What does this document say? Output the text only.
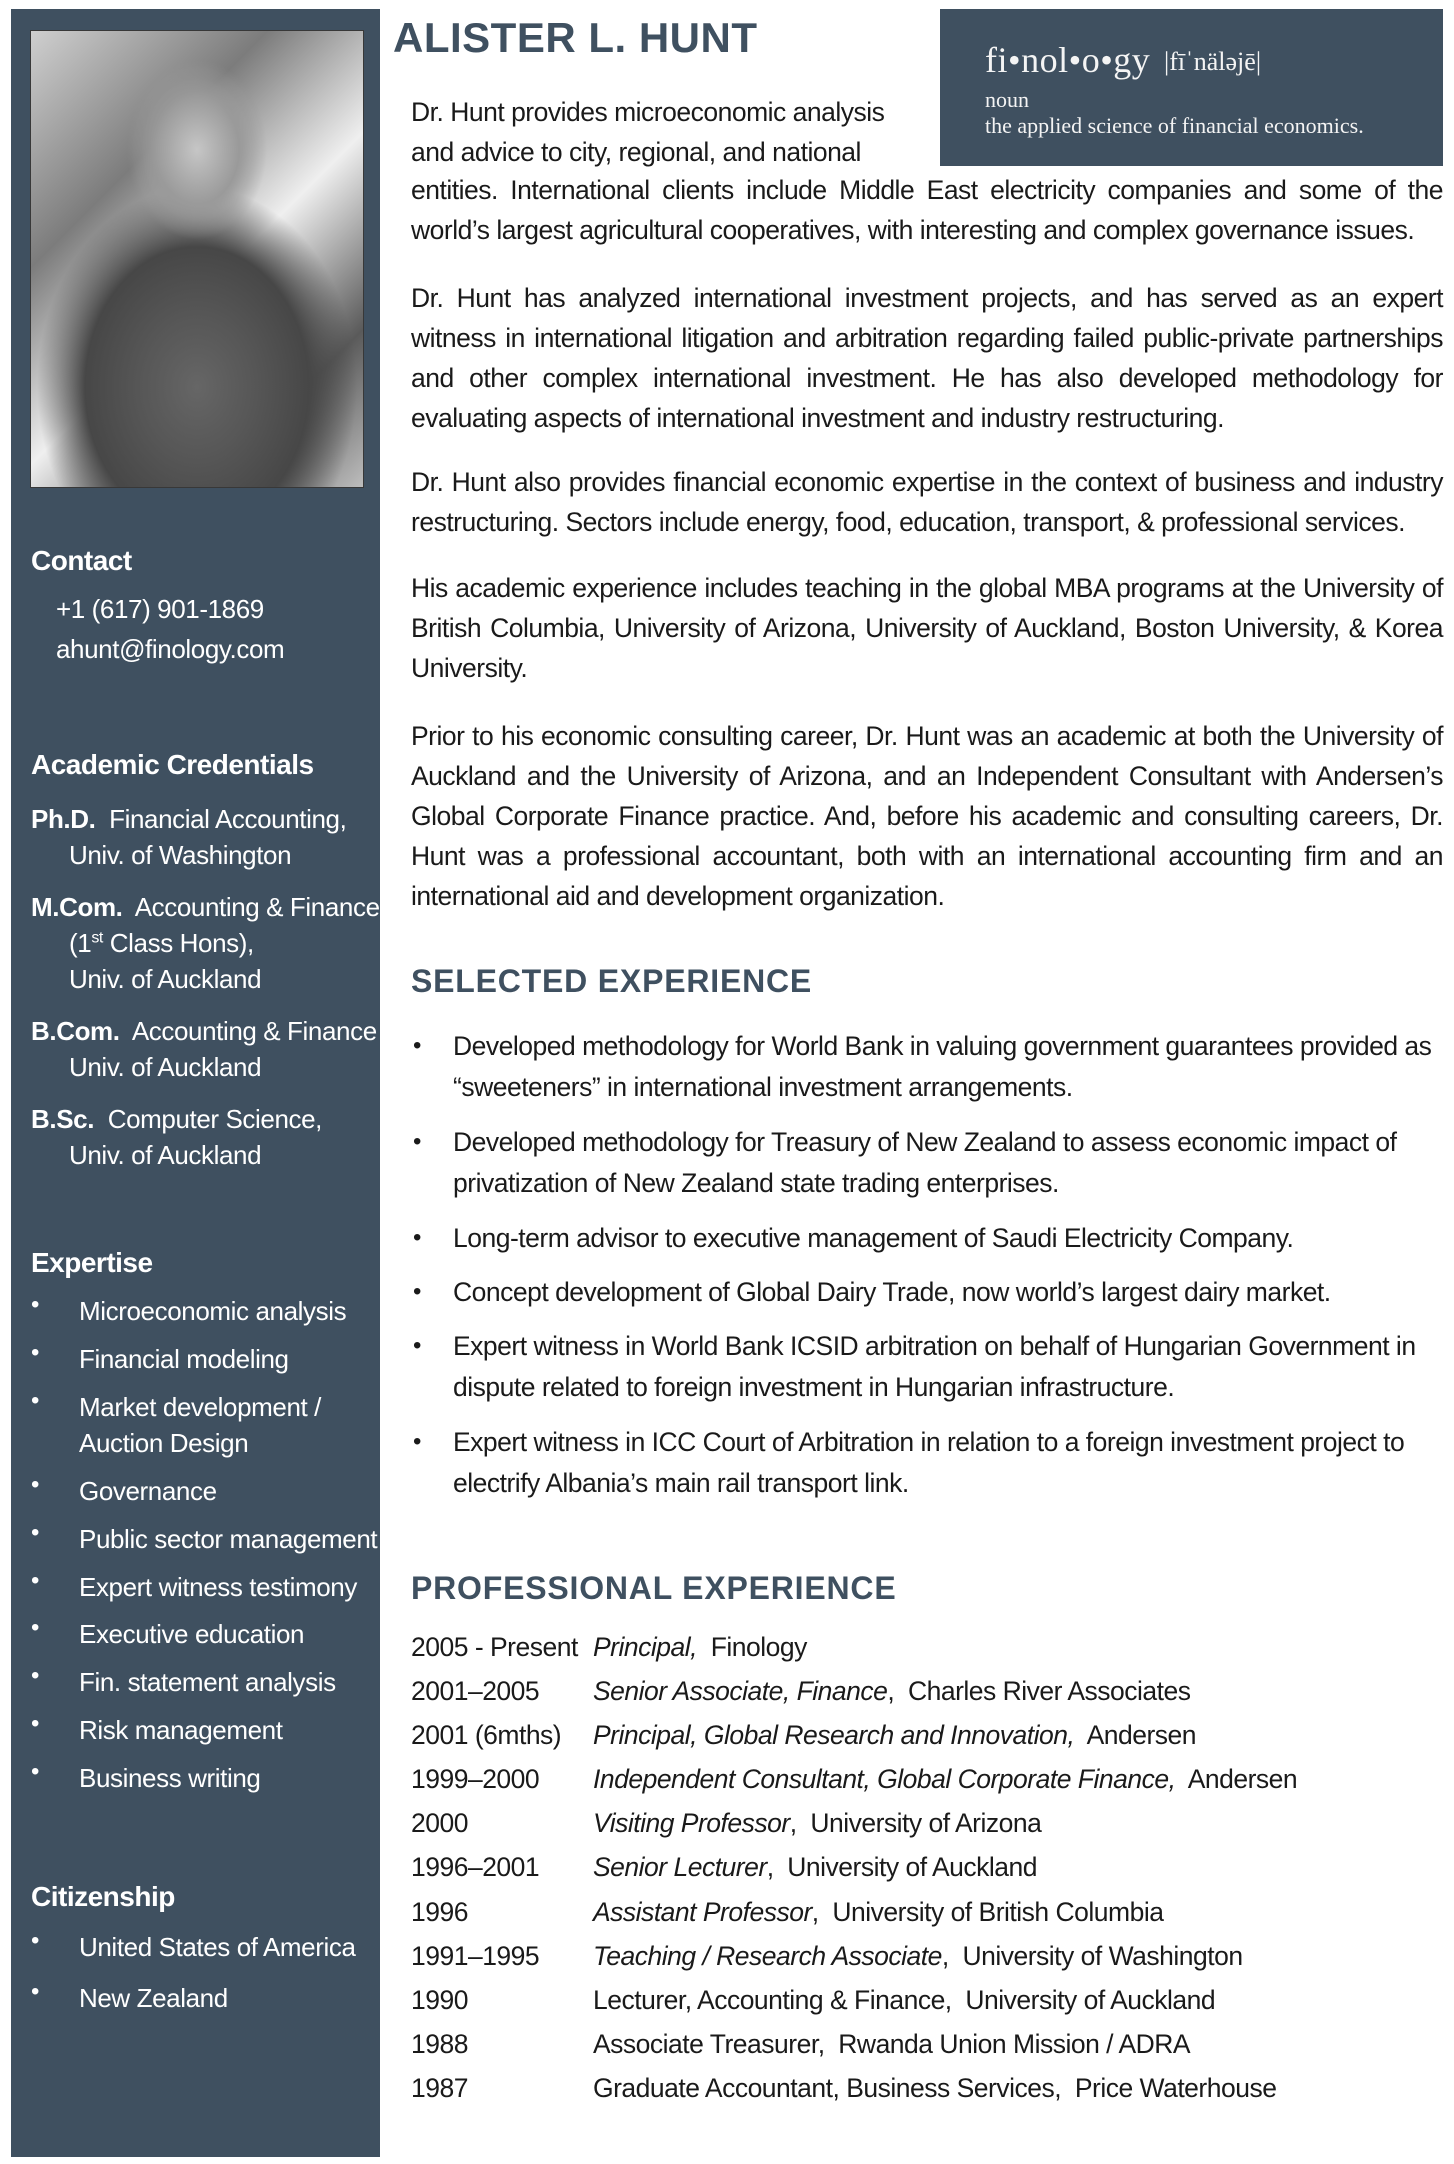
Contact
+1 (617) 901-1869
ahunt@finology.com
Academic Credentials
Ph.D. Financial Accounting,
Univ. of Washington
M.Com. Accounting & Finance
(1st Class Hons),
Univ. of Auckland
B.Com. Accounting & Finance
Univ. of Auckland
B.Sc. Computer Science,
Univ. of Auckland
Expertise
• Microeconomic analysis
• Financial modeling
• Market development /
Auction Design
• Governance
• Public sector management
• Expert witness testimony
• Executive education
• Fin. statement analysis
• Risk management
• Business writing
Citizenship
• United States of America
• New Zealand
ALISTER L. HUNT	fi•nol•o•gy |fīˈnäləjē|
noun
the applied science of financial economics.
Dr. Hunt provides microeconomic analysis
and advice to city, regional, and national
entities. International clients include Middle East electricity companies and some of the world’s largest agricultural cooperatives, with interesting and complex governance issues.
Dr. Hunt has analyzed international investment projects, and has served as an expert witness in international litigation and arbitration regarding failed public-private partnerships and other complex international investment. He has also developed methodology for evaluating aspects of international investment and industry restructuring.
Dr. Hunt also provides financial economic expertise in the context of business and industry restructuring. Sectors include energy, food, education, transport, & professional services.
His academic experience includes teaching in the global MBA programs at the University of British Columbia, University of Arizona, University of Auckland, Boston University, & Korea University.
Prior to his economic consulting career, Dr. Hunt was an academic at both the University of Auckland and the University of Arizona, and an Independent Consultant with Andersen’s Global Corporate Finance practice. And, before his academic and consulting careers, Dr. Hunt was a professional accountant, both with an international accounting firm and an international aid and development organization.
SELECTED EXPERIENCE
• Developed methodology for World Bank in valuing government guarantees provided as “sweeteners” in international investment arrangements.
• Developed methodology for Treasury of New Zealand to assess economic impact of privatization of New Zealand state trading enterprises.
• Long-term advisor to executive management of Saudi Electricity Company.
• Concept development of Global Dairy Trade, now world’s largest dairy market.
• Expert witness in World Bank ICSID arbitration on behalf of Hungarian Government in dispute related to foreign investment in Hungarian infrastructure.
• Expert witness in ICC Court of Arbitration in relation to a foreign investment project to electrify Albania’s main rail transport link.
PROFESSIONAL EXPERIENCE
2005 - Present Principal, Finology
2001–2005 Senior Associate, Finance,  Charles River Associates
2001 (6mths) Principal, Global Research and Innovation, Andersen
1999–2000 Independent Consultant, Global Corporate Finance, Andersen
2000	Visiting Professor,  University of Arizona
1996–2001 Senior Lecturer,  University of Auckland
1996	Assistant Professor,  University of British Columbia
1991–1995 Teaching / Research Associate,  University of Washington
1990	Lecturer, Accounting & Finance, University of Auckland
1988	Associate Treasurer, Rwanda Union Mission / ADRA
1987	Graduate Accountant, Business Services, Price Waterhouse
